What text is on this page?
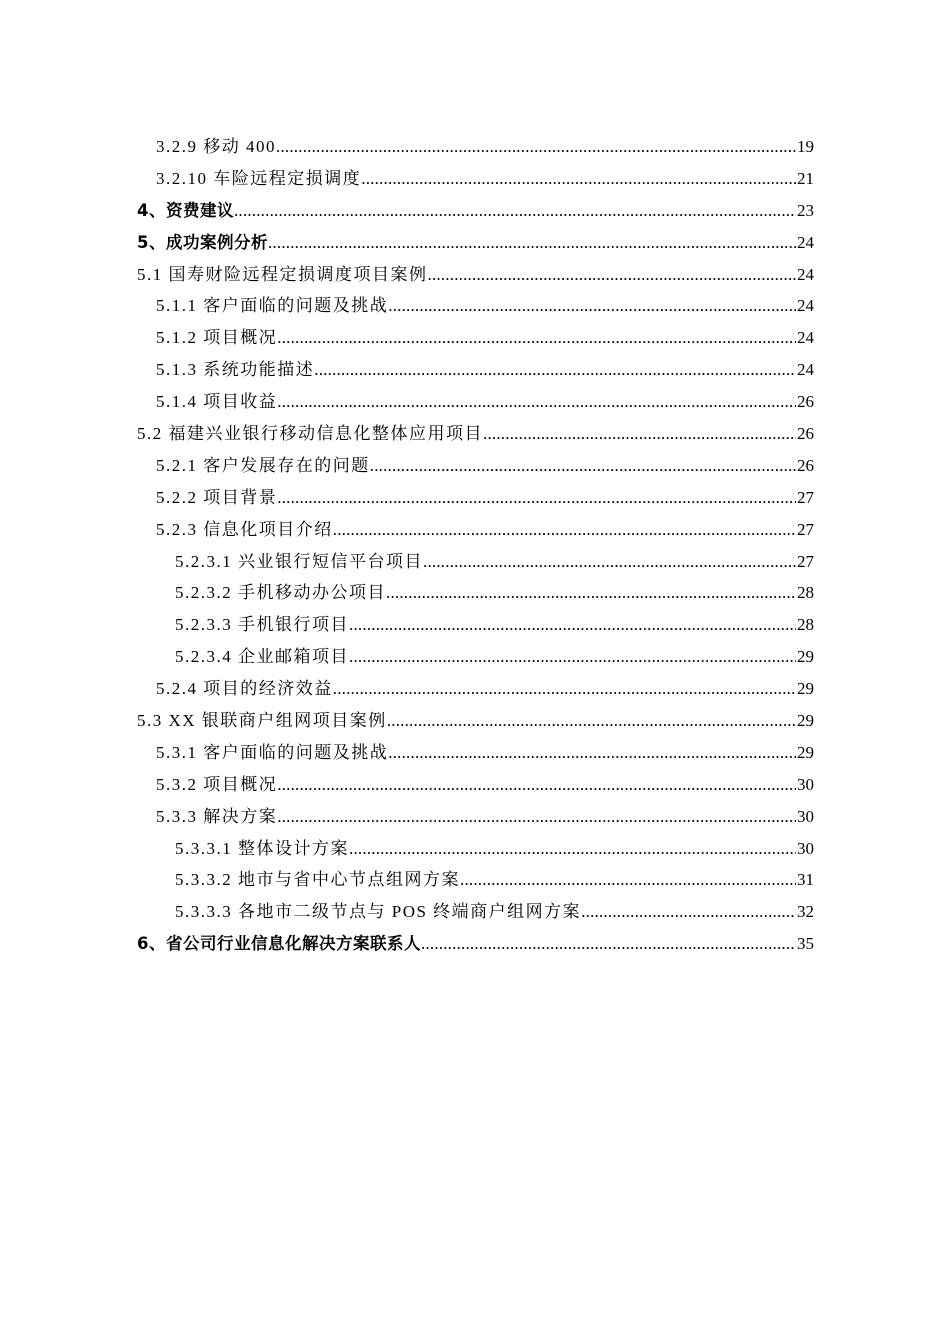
3.2.9 移动 400 .....	19
3.2.10 车险远程定损调度 .....	21
4、资费建议 .....	23
5、成功案例分析 .....	24
5.1 国寿财险远程定损调度项目案例 .....	24
5.1.1 客户面临的问题及挑战 .....	24
5.1.2 项目概况 .....	24
5.1.3 系统功能描述 .....	24
5.1.4 项目收益 .....	26
5.2 福建兴业银行移动信息化整体应用项目 .....	26
5.2.1 客户发展存在的问题 .....	26
5.2.2 项目背景 .....	27
5.2.3 信息化项目介绍 .....	27
5.2.3.1 兴业银行短信平台项目 .....	27
5.2.3.2 手机移动办公项目 .....	28
5.2.3.3 手机银行项目 .....	28
5.2.3.4 企业邮箱项目 .....	29
5.2.4 项目的经济效益 .....	29
5.3 XX 银联商户组网项目案例 .....	29
5.3.1 客户面临的问题及挑战 .....	29
5.3.2 项目概况 .....	30
5.3.3 解决方案 .....	30
5.3.3.1 整体设计方案 .....	30
5.3.3.2 地市与省中心节点组网方案 .....	31
5.3.3.3 各地市二级节点与 POS 终端商户组网方案 .....	32
6、省公司行业信息化解决方案联系人 .....	35
